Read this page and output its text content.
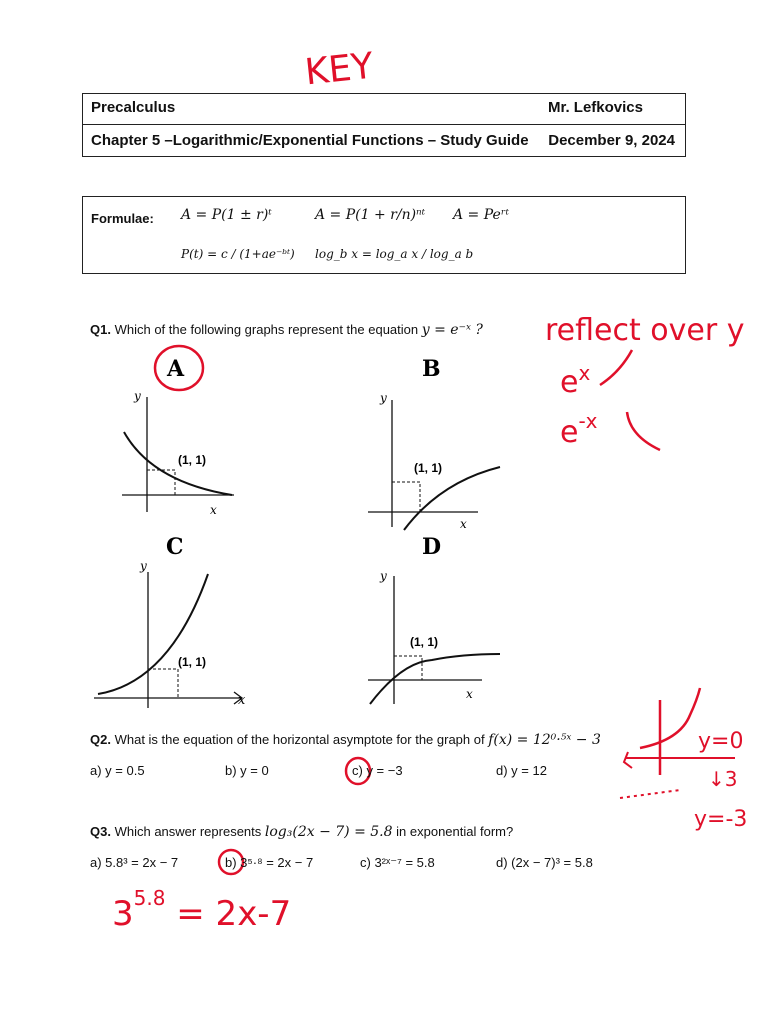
KEY
reflect over y
$e^x$
$e^{-x}$
y=0
↓3
y=-3
$3^{5.8} = 2x-7$
Precalculus	Mr. Lefkovics
Chapter 5 –Logarithmic/Exponential Functions – Study Guide December 9, 2024
Formulae: A = P(1 ± r)ᵗ	A = P(1 + r/n)ⁿᵗ A = Peʳᵗ
P(t) = c / (1+ae⁻ᵇᵗ) log_b x = log_a x / log_a b
Q1. Which of the following graphs represent the equation y = e⁻ˣ ?
A
(1, 1)
y
x
B
(1, 1)
y
x
C
(1, 1)
y
x
D
(1, 1)
y
x
Q2. What is the equation of the horizontal asymptote for the graph of f(x) = 12⁰·⁵ˣ − 3
a) y = 0.5	b) y = 0	c) y = −3	d) y = 12
Q3. Which answer represents log₃(2x − 7) = 5.8 in exponential form?
a) 5.8³ = 2x − 7	b) 3⁵·⁸ = 2x − 7	c) 3²ˣ⁻⁷ = 5.8	d) (2x − 7)³ = 5.8
